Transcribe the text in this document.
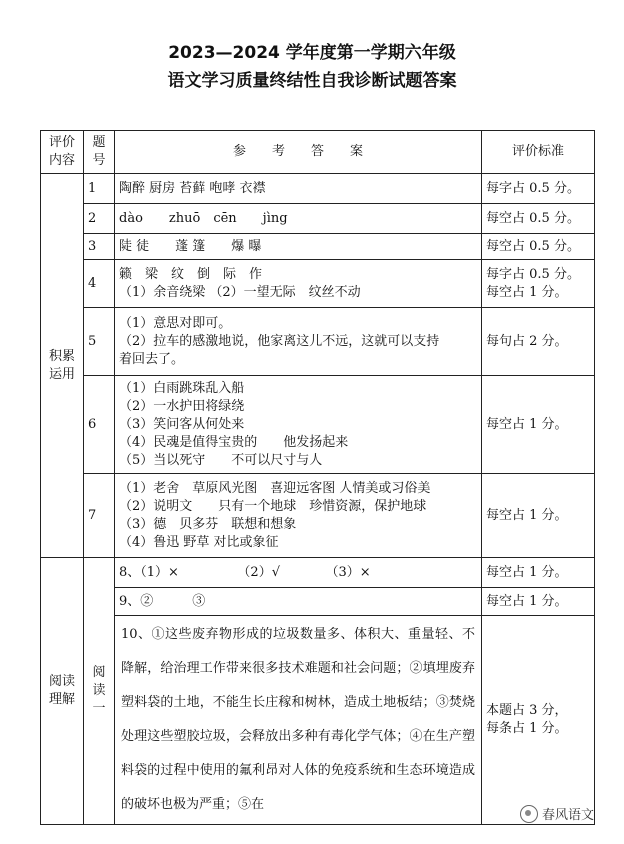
2023—2024 学年度第一学期六年级
语文学习质量终结性自我诊断试题答案
评价
内容	题
号	参　　考　　答　　案	评价标准

积累
运用	1	陶醉 厨房 苔藓 咆哮 衣襟	每字占 0.5 分。

	2	dào　　zhuō　cēn　　jìng	每空占 0.5 分。

	3	陡 徒　　蓬 篷　　爆 曝	每空占 0.5 分。

	4	籁　梁　纹　倒　际　作
（1）余音绕梁 （2）一望无际　纹丝不动	每字占 0.5 分。
每空占 1 分。

	5	（1）意思对即可。
（2）拉车的感激地说，他家离这儿不远，这就可以支持
着回去了。	每句占 2 分。

	6	（1）白雨跳珠乱入船
（2）一水护田将绿绕
（3）笑问客从何处来
（4）民魂是值得宝贵的　　他发扬起来
（5）当以死守　　不可以尺寸与人	每空占 1 分。

	7	（1）老舍　草原风光图　喜迎远客图 人情美或习俗美
（2）说明文　　只有一个地球　珍惜资源，保护地球
（3）德　贝多芬　联想和想象
（4）鲁迅 野草 对比或象征	每空占 1 分。

阅读
理解	阅
读
一	8、（1）×　　　　　（2）√　　　　（3）×	每空占 1 分。

		9、②　　　③	每空占 1 分。

		10、①这些废弃物形成的垃圾数量多、体积大、重量轻、不降解，给治理工作带来很多技术难题和社会问题；②填埋废弃塑料袋的土地，不能生长庄稼和树林，造成土地板结；③焚烧处理这些塑胶垃圾，会释放出多种有毒化学气体；④在生产塑料袋的过程中使用的氟利昂对人体的免疫系统和生态环境造成的破坏也极为严重；⑤在	本题占 3 分，
每条占 1 分。
春风语文
